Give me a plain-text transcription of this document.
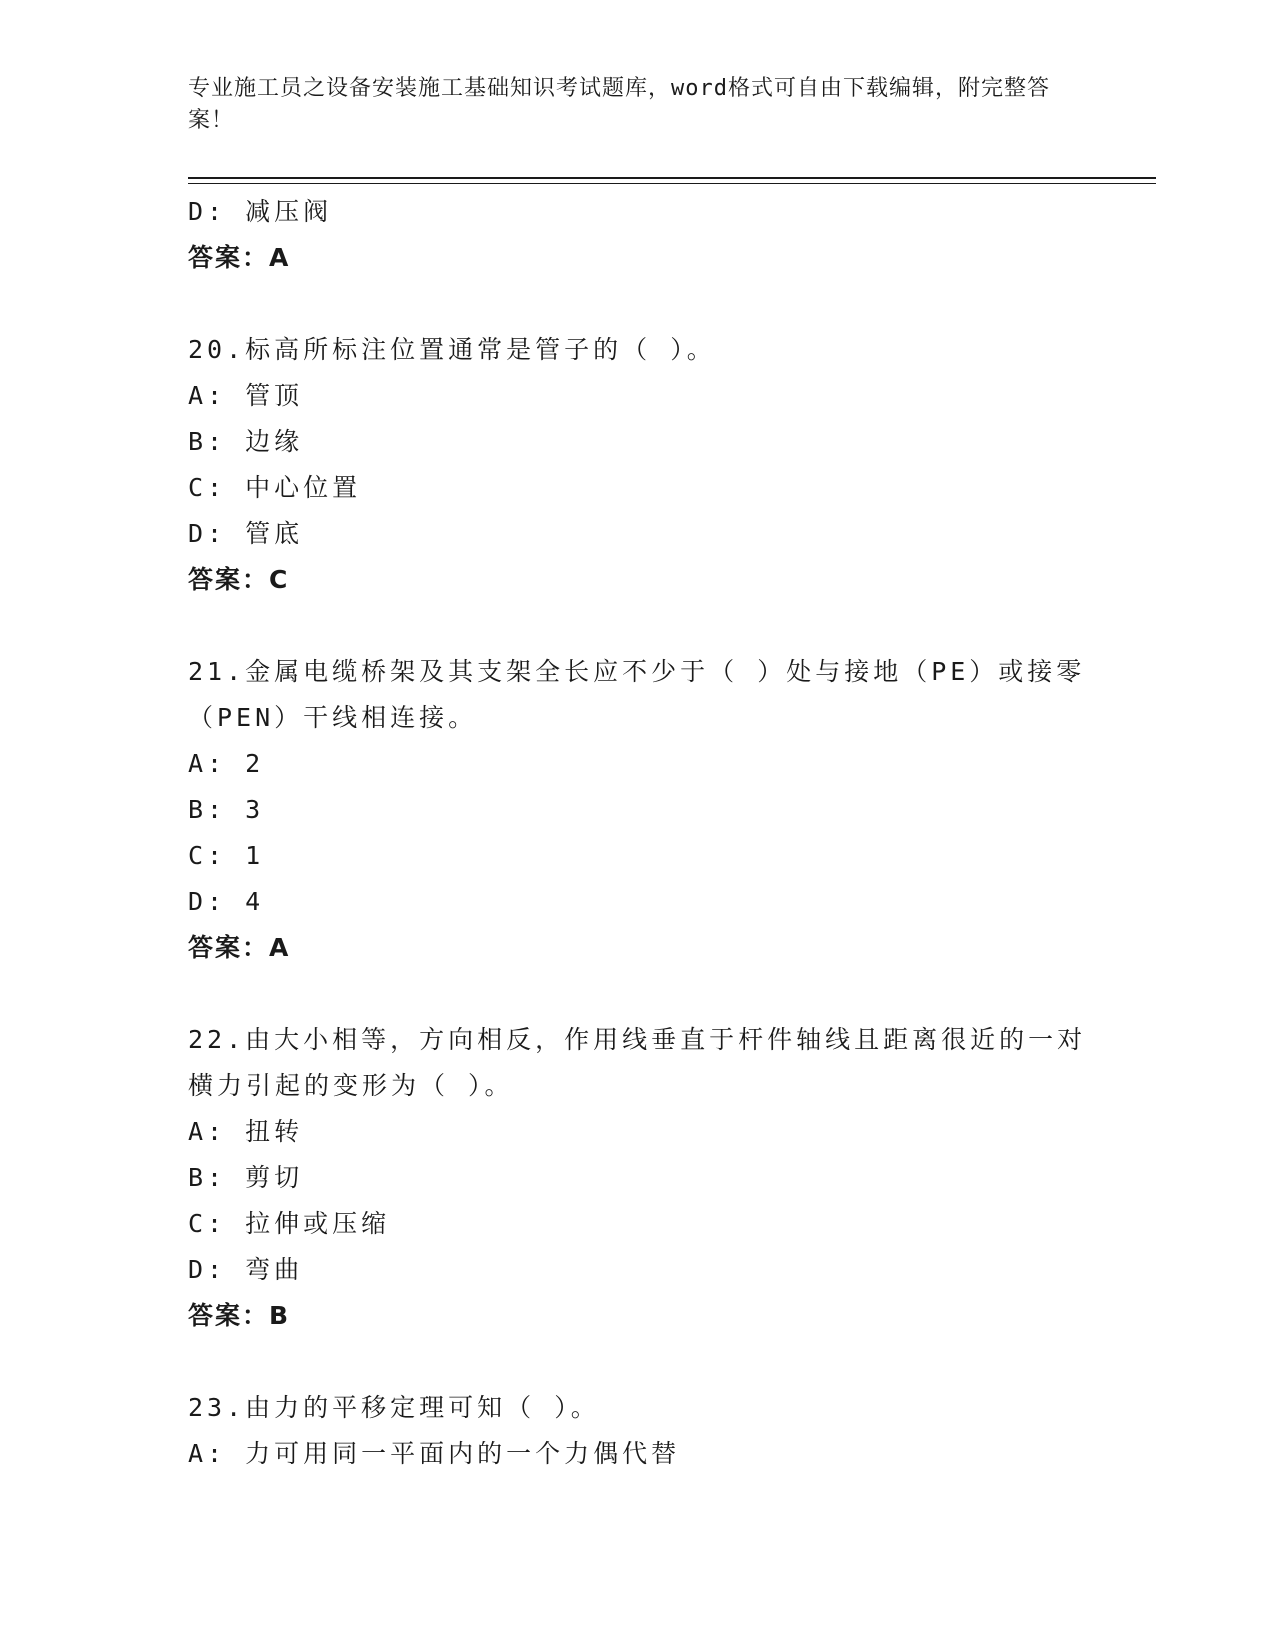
专业施工员之设备安装施工基础知识考试题库，word格式可自由下载编辑，附完整答案！
D: 减压阀
答案：A
20.标高所标注位置通常是管子的（ ）。
A: 管顶
B: 边缘
C: 中心位置
D: 管底
答案：C
21.金属电缆桥架及其支架全长应不少于（ ）处与接地（PE）或接零
（PEN）干线相连接。
A: 2
B: 3
C: 1
D: 4
答案：A
22.由大小相等，方向相反，作用线垂直于杆件轴线且距离很近的一对
横力引起的变形为（ ）。
A: 扭转
B: 剪切
C: 拉伸或压缩
D: 弯曲
答案：B
23.由力的平移定理可知（ ）。
A: 力可用同一平面内的一个力偶代替
